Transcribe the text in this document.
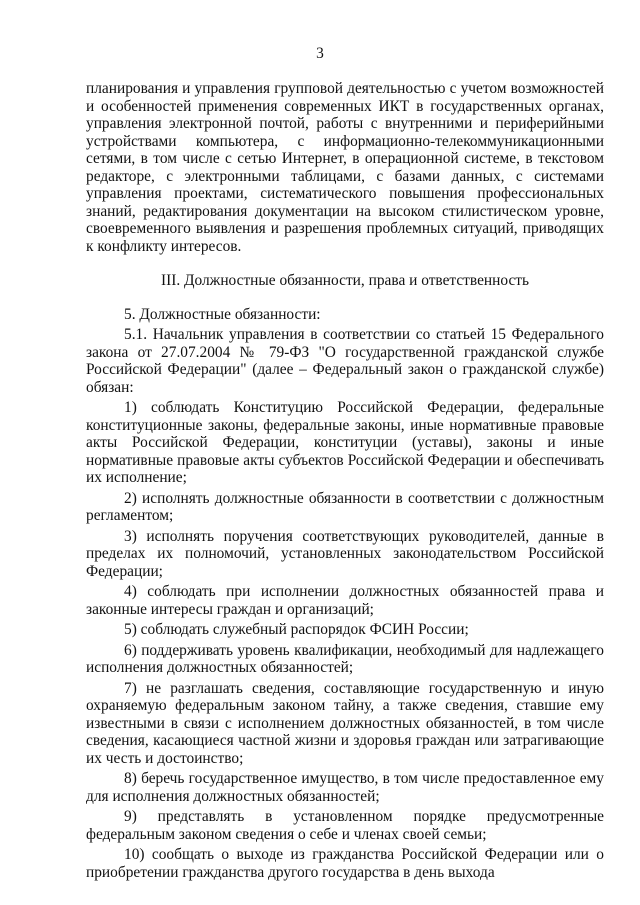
3

планирования и управления групповой деятельностью с учетом возможностей и особенностей применения современных ИКТ в государственных органах, управления электронной почтой, работы с внутренними и периферийными устройствами компьютера, с информационно-телекоммуникационными сетями, в том числе с сетью Интернет, в операционной системе, в текстовом редакторе, с электронными таблицами, с базами данных, с системами управления проектами, систематического повышения профессиональных знаний, редактирования документации на высоком стилистическом уровне, своевременного выявления и разрешения проблемных ситуаций, приводящих к конфликту интересов.

III. Должностные обязанности, права и ответственность

5. Должностные обязанности:

5.1. Начальник управления в соответствии со статьей 15 Федерального закона от 27.07.2004 № 79-ФЗ "О государственной гражданской службе Российской Федерации" (далее – Федеральный закон о гражданской службе) обязан:

1) соблюдать Конституцию Российской Федерации, федеральные конституционные законы, федеральные законы, иные нормативные правовые акты Российской Федерации, конституции (уставы), законы и иные нормативные правовые акты субъектов Российской Федерации и обеспечивать их исполнение;

2) исполнять должностные обязанности в соответствии с должностным регламентом;

3) исполнять поручения соответствующих руководителей, данные в пределах их полномочий, установленных законодательством Российской Федерации;

4) соблюдать при исполнении должностных обязанностей права и законные интересы граждан и организаций;

5) соблюдать служебный распорядок ФСИН России;

6) поддерживать уровень квалификации, необходимый для надлежащего исполнения должностных обязанностей;

7) не разглашать сведения, составляющие государственную и иную охраняемую федеральным законом тайну, а также сведения, ставшие ему известными в связи с исполнением должностных обязанностей, в том числе сведения, касающиеся частной жизни и здоровья граждан или затрагивающие их честь и достоинство;

8) беречь государственное имущество, в том числе предоставленное ему для исполнения должностных обязанностей;

9) представлять в установленном порядке предусмотренные федеральным законом сведения о себе и членах своей семьи;

10) сообщать о выходе из гражданства Российской Федерации или о приобретении гражданства другого государства в день выхода
